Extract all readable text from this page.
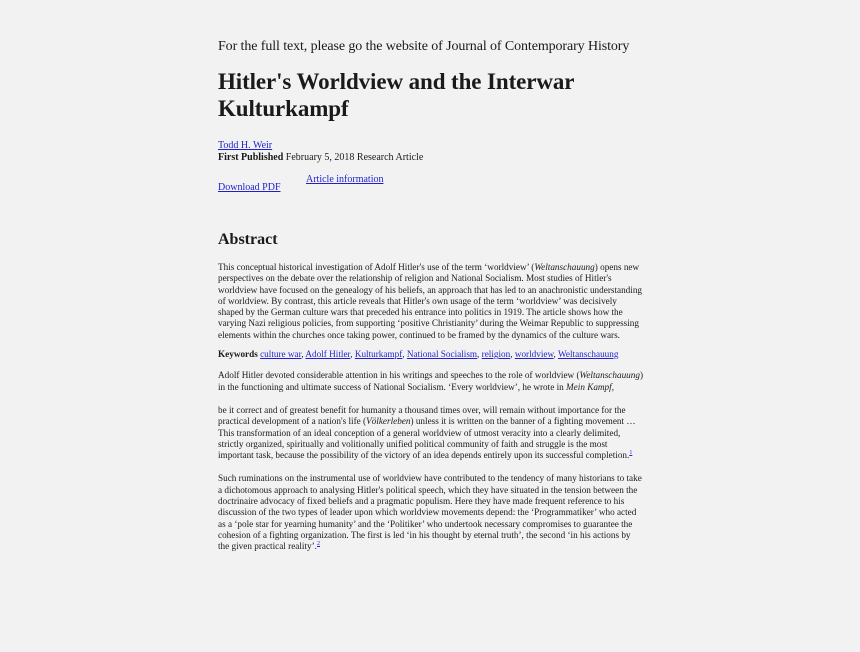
For the full text, please go the website of Journal of Contemporary History

Hitler's Worldview and the Interwar
Kulturkampf
Todd H. Weir
First Published February 5, 2018 Research Article
Download PDF
Article information
Abstract

This conceptual historical investigation of Adolf Hitler's use of the term ‘worldview’ (Weltanschauung) opens new perspectives on the debate over the relationship of religion and National Socialism. Most studies of Hitler's worldview have focused on the genealogy of his beliefs, an approach that has led to an anachronistic understanding of worldview. By contrast, this article reveals that Hitler's own usage of the term ‘worldview’ was decisively shaped by the German culture wars that preceded his entrance into politics in 1919. The article shows how the varying Nazi religious policies, from supporting ‘positive Christianity’ during the Weimar Republic to suppressing elements within the churches once taking power, continued to be framed by the dynamics of the culture wars.

Keywords culture war, Adolf Hitler, Kulturkampf, National Socialism, religion, worldview, Weltanschauung

Adolf Hitler devoted considerable attention in his writings and speeches to the role of worldview (Weltanschauung) in the functioning and ultimate success of National Socialism. ‘Every worldview’, he wrote in Mein Kampf,

be it correct and of greatest benefit for humanity a thousand times over, will remain without importance for the practical development of a nation's life (Völkerleben) unless it is written on the banner of a fighting movement … This transformation of an ideal conception of a general worldview of utmost veracity into a clearly delimited, strictly organized, spiritually and volitionally unified political community of faith and struggle is the most important task, because the possibility of the victory of an idea depends entirely upon its successful completion.$^1$

Such ruminations on the instrumental use of worldview have contributed to the tendency of many historians to take a dichotomous approach to analysing Hitler's political speech, which they have situated in the tension between the doctrinaire advocacy of fixed beliefs and a pragmatic populism. Here they have made frequent reference to his discussion of the two types of leader upon which worldview movements depend: the ‘Programmatiker’ who acted as a ‘pole star for yearning humanity’ and the ‘Politiker’ who undertook necessary compromises to guarantee the cohesion of a fighting organization. The first is led ‘in his thought by eternal truth’, the second ‘in his actions by the given practical reality’.$^2$
